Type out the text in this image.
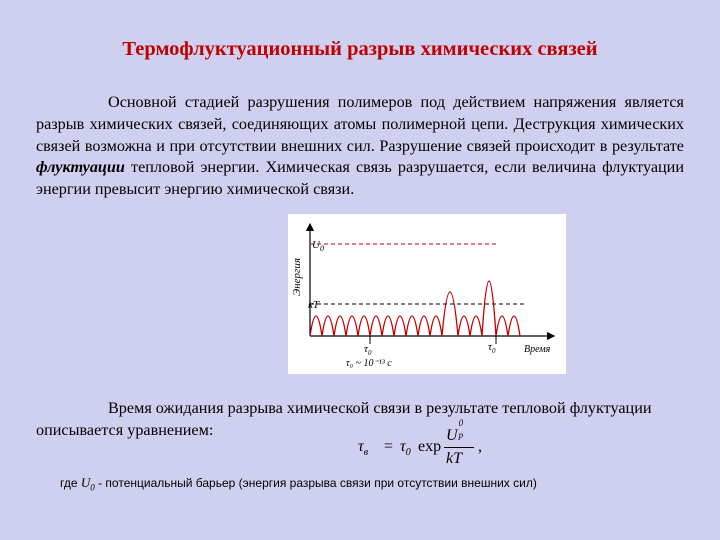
Термофлуктуационный разрыв химических связей
Основной стадией разрушения полимеров под действием напряжения является разрыв химических связей, соединяющих атомы полимерной цепи. Деструкция химических связей возможна и при отсутствии внешних сил. Разрушение связей происходит в результате флуктуации тепловой энергии. Химическая связь разрушается, если величина флуктуации энергии превысит энергию химической связи.
Энергия
$U_0$
kT
Время
$\tau_0$	$\tau_0$
τ₀ ~ 10⁻¹³ c
Время ожидания разрыва химической связи в результате тепловой флуктуации описывается уравнением:
$\tau_в = \tau_0$ exp
U
0
p
kT
,
где $U_0$ - потенциальный барьер (энергия разрыва связи при отсутствии внешних сил)
